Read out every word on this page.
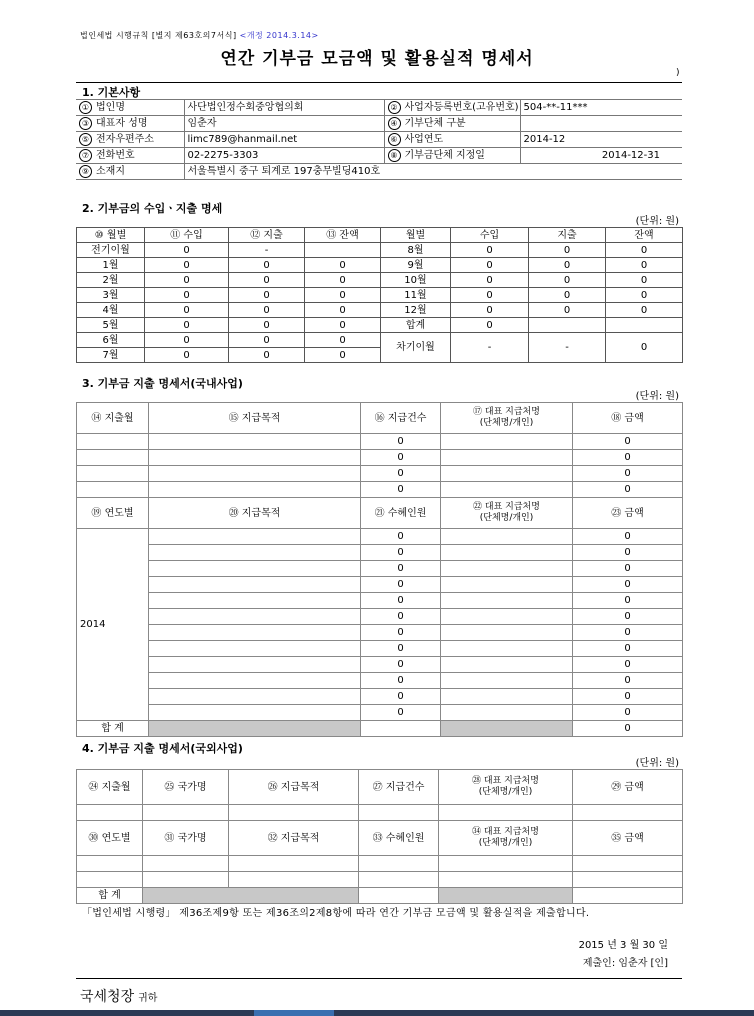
법인세법 시행규칙 [별지 제63호의7서식] <개정 2014.3.14>
연간 기부금 모금액 및 활용실적 명세서
)
1. 기본사항
① 법인명	사단법인정수회중앙협의회	② 사업자등록번호(고유번호)	504-**-11***
③ 대표자 성명	임춘자	④ 기부단체 구분	
⑤ 전자우편주소	limc789@hanmail.net	⑥ 사업연도	2014-12
⑦ 전화번호	02-2275-3303	⑧ 기부금단체 지정일	2014-12-31
⑨ 소재지	서울특별시 중구 퇴계로 197충무빌딩410호		
2. 기부금의 수입ㆍ지출 명세
(단위: 원)
⑩ 월별	⑪ 수입	⑫ 지출	⑬ 잔액	월별	수입	지출	잔액
전기이월	0	-		8월	0	0	0
1월	0	0	0	9월	0	0	0
2월	0	0	0	10월	0	0	0
3월	0	0	0	11월	0	0	0
4월	0	0	0	12월	0	0	0
5월	0	0	0	합계	0		
6월	0	0	0	차기이월	-	-	0
7월	0	0	0				
3. 기부금 지출 명세서(국내사업)
(단위: 원)
⑭ 지출월	⑮ 지급목적	⑯ 지급건수	⑰ 대표 지급처명
(단체명/개인)	⑱ 금액
		0		0
		0		0
		0		0
		0		0
⑲ 연도별	⑳ 지급목적	㉑ 수혜인원	㉒ 대표 지급처명
(단체명/개인)	㉓ 금액
2014		0		0
		0		0
		0		0
		0		0
		0		0
		0		0
		0		0
		0		0
		0		0
		0		0
		0		0
		0		0
합 계				0
4. 기부금 지출 명세서(국외사업)
(단위: 원)
㉔ 지출월	㉕ 국가명	㉖ 지급목적	㉗ 지급건수	㉘ 대표 지급처명
(단체명/개인)	㉙ 금액

㉚ 연도별	㉛ 국가명	㉜ 지급목적	㉝ 수혜인원	㉞ 대표 지급처명
(단체명/개인)	㉟ 금액

합 계					
「법인세법 시행령」 제36조제9항 또는 제36조의2제8항에 따라 연간 기부금 모금액 및 활용실적을 제출합니다.
2015 년 3 월 30 일
제출인: 임춘자 [인]
국세청장 귀하
